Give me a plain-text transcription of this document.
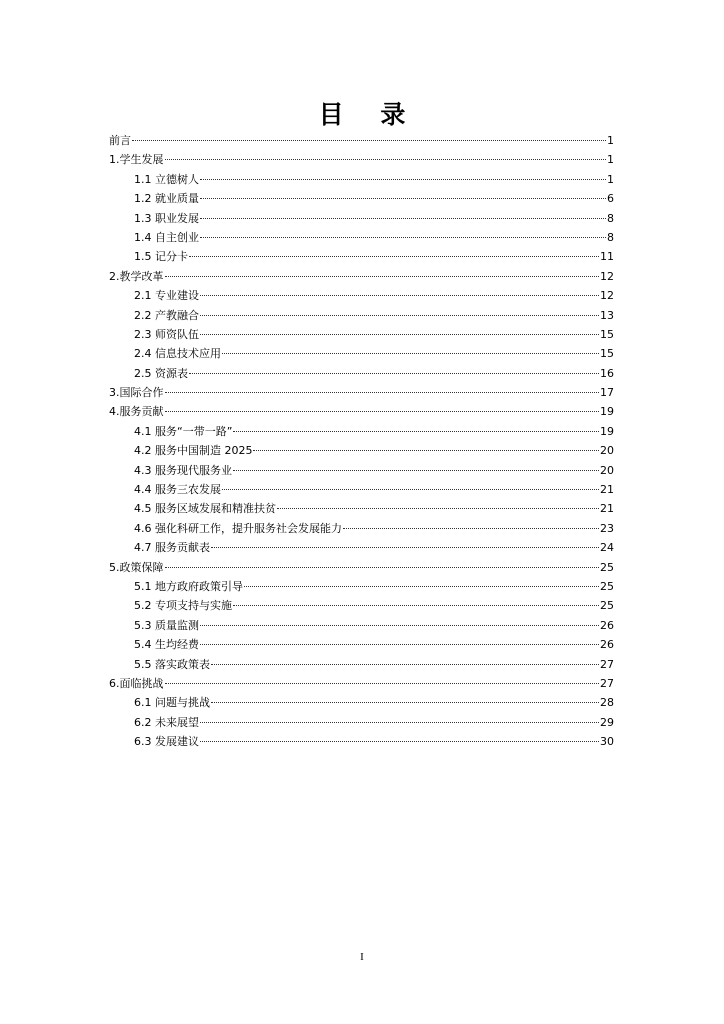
目 录
前言	1
1.学生发展	1
1.1 立德树人	1
1.2 就业质量	6
1.3 职业发展	8
1.4 自主创业	8
1.5 记分卡	11
2.教学改革	12
2.1 专业建设	12
2.2 产教融合	13
2.3 师资队伍	15
2.4 信息技术应用	15
2.5 资源表	16
3.国际合作	17
4.服务贡献	19
4.1 服务“一带一路”	19
4.2 服务中国制造 2025	20
4.3 服务现代服务业	20
4.4 服务三农发展	21
4.5 服务区域发展和精准扶贫	21
4.6 强化科研工作，提升服务社会发展能力	23
4.7 服务贡献表	24
5.政策保障	25
5.1 地方政府政策引导	25
5.2 专项支持与实施	25
5.3 质量监测	26
5.4 生均经费	26
5.5 落实政策表	27
6.面临挑战	27
6.1 问题与挑战	28
6.2 未来展望	29
6.3 发展建议	30
I
